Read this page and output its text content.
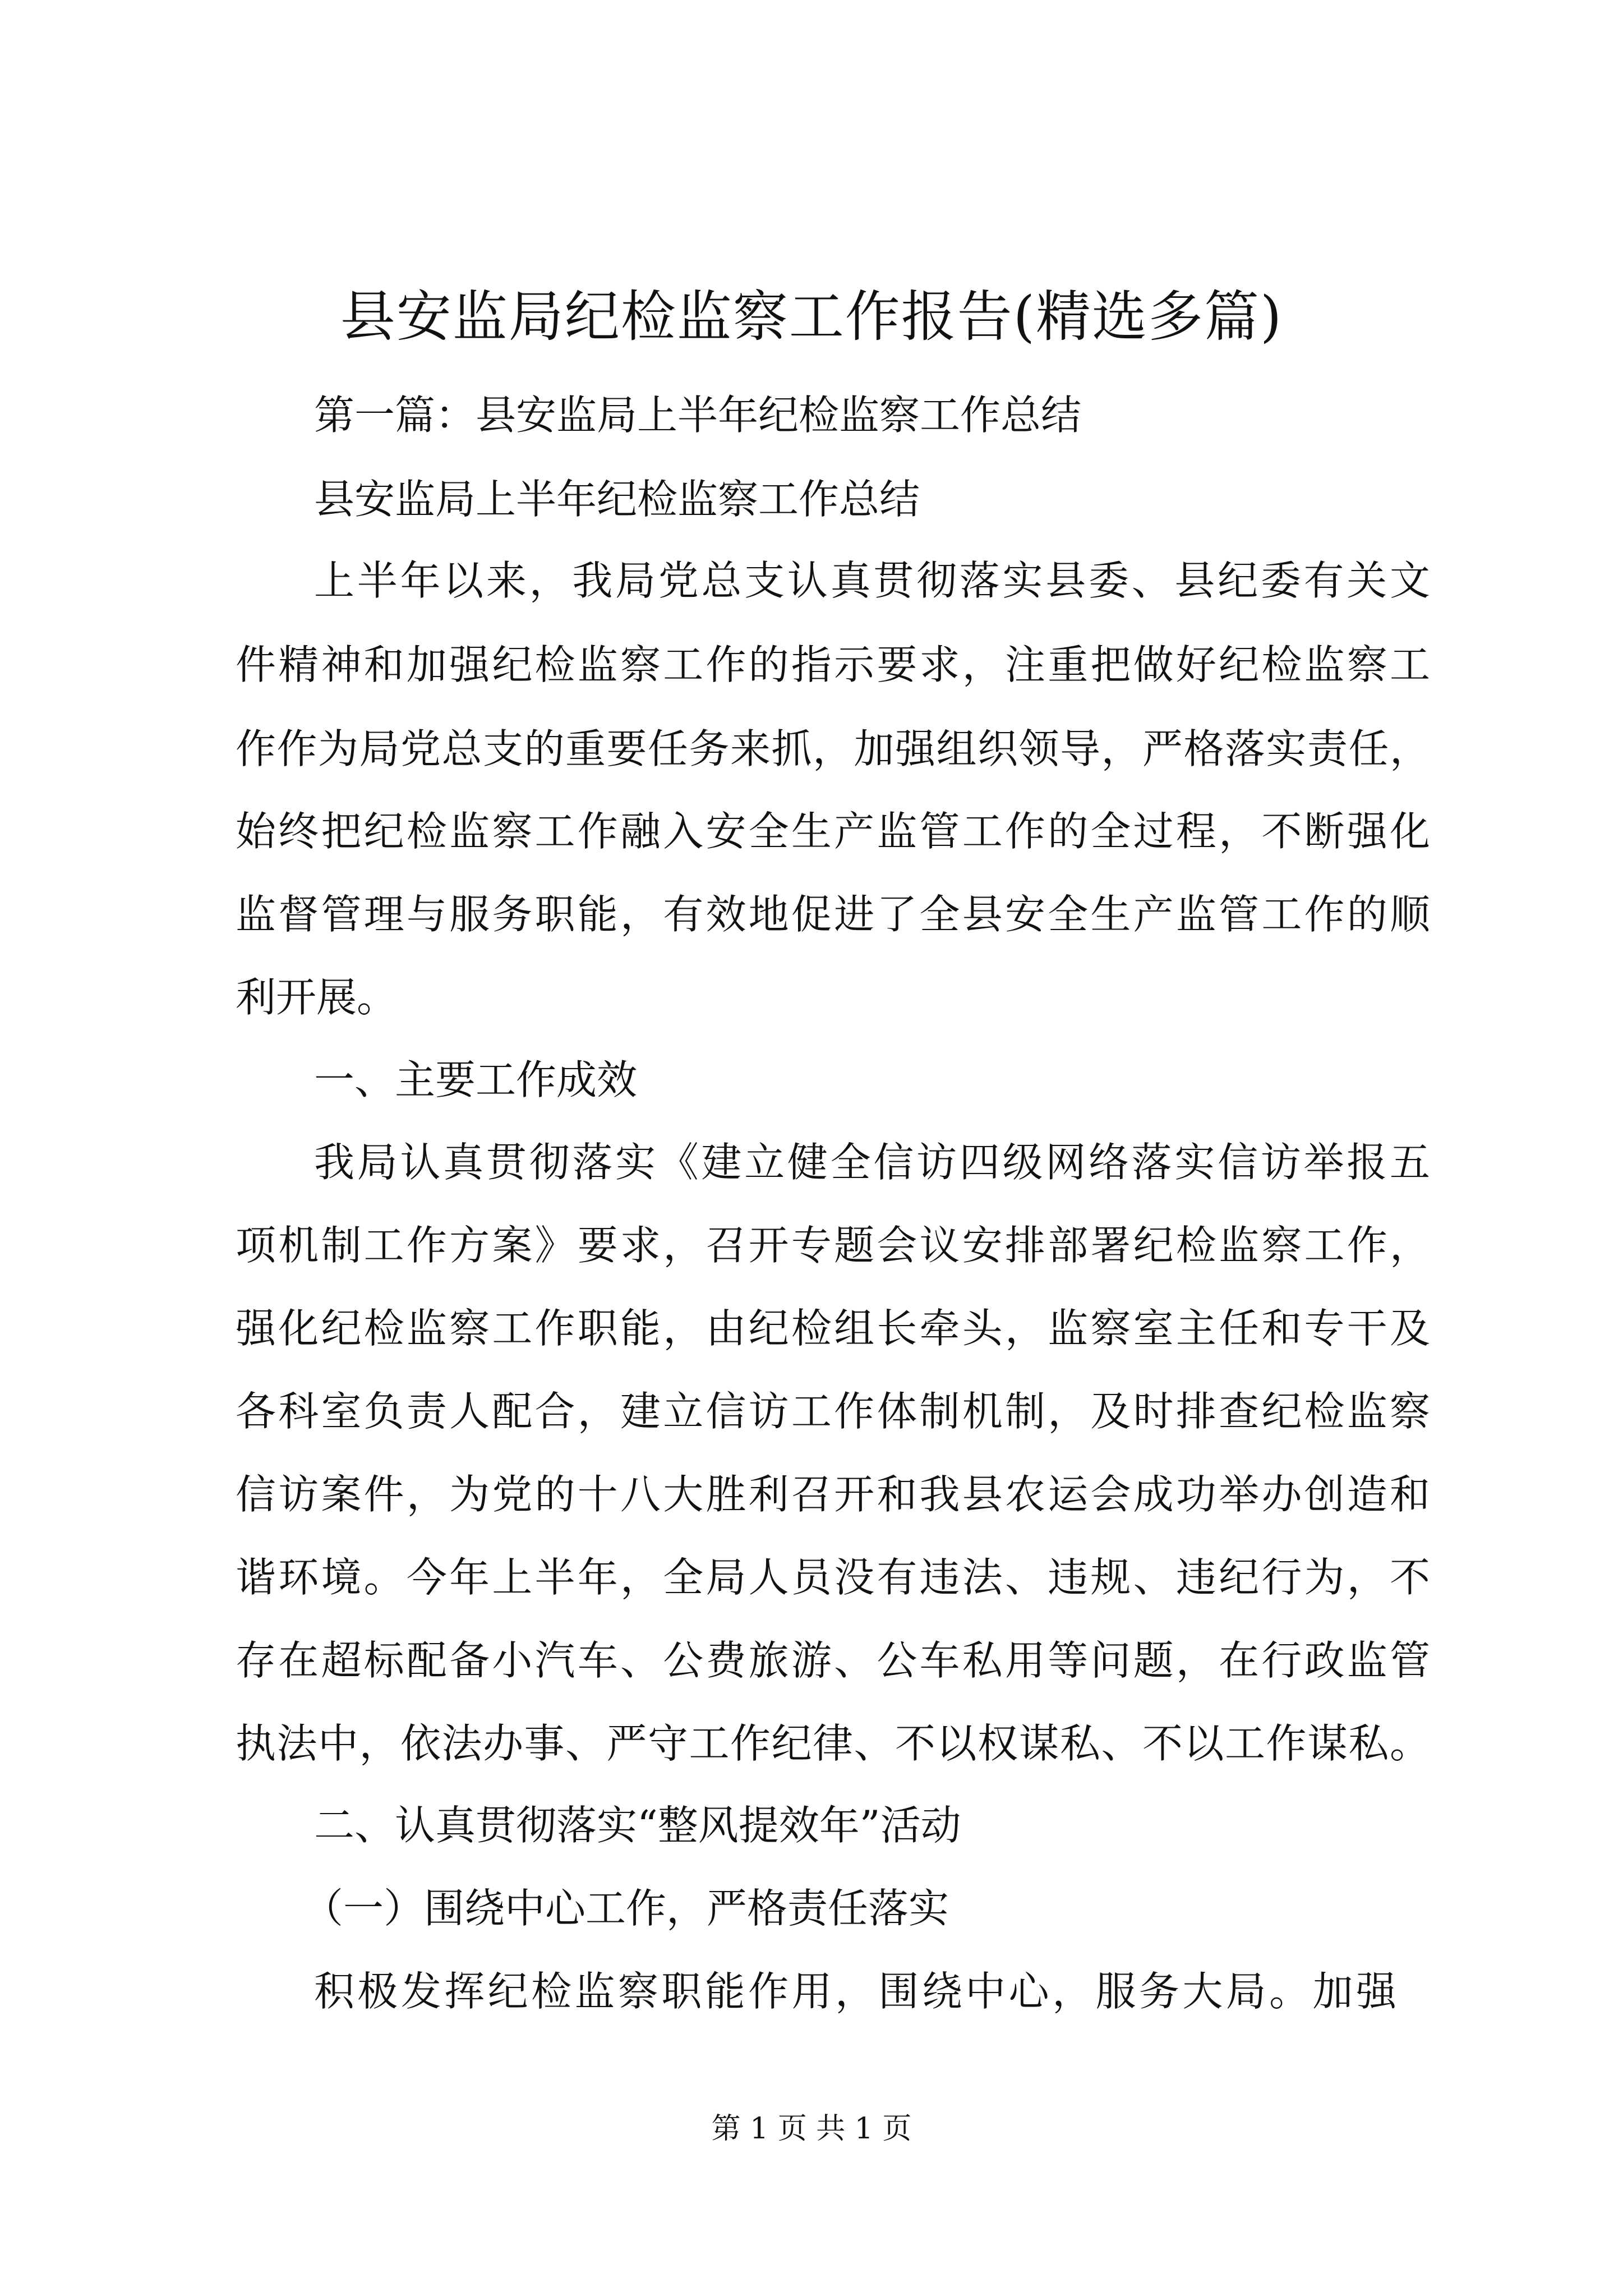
县安监局纪检监察工作报告(精选多篇)

第一篇：县安监局上半年纪检监察工作总结

县安监局上半年纪检监察工作总结

上半年以来，我局党总支认真贯彻落实县委、县纪委有关文

件精神和加强纪检监察工作的指示要求，注重把做好纪检监察工

作作为局党总支的重要任务来抓，加强组织领导，严格落实责任，

始终把纪检监察工作融入安全生产监管工作的全过程，不断强化

监督管理与服务职能，有效地促进了全县安全生产监管工作的顺

利开展。

一、主要工作成效

我局认真贯彻落实《建立健全信访四级网络落实信访举报五

项机制工作方案》要求，召开专题会议安排部署纪检监察工作，

强化纪检监察工作职能，由纪检组长牵头，监察室主任和专干及

各科室负责人配合，建立信访工作体制机制，及时排查纪检监察

信访案件，为党的十八大胜利召开和我县农运会成功举办创造和

谐环境。今年上半年，全局人员没有违法、违规、违纪行为，不

存在超标配备小汽车、公费旅游、公车私用等问题，在行政监管

执法中，依法办事、严守工作纪律、不以权谋私、不以工作谋私。

二、认真贯彻落实“整风提效年”活动

（一）围绕中心工作，严格责任落实

积极发挥纪检监察职能作用，围绕中心，服务大局。加强

第 1 页 共 1 页
